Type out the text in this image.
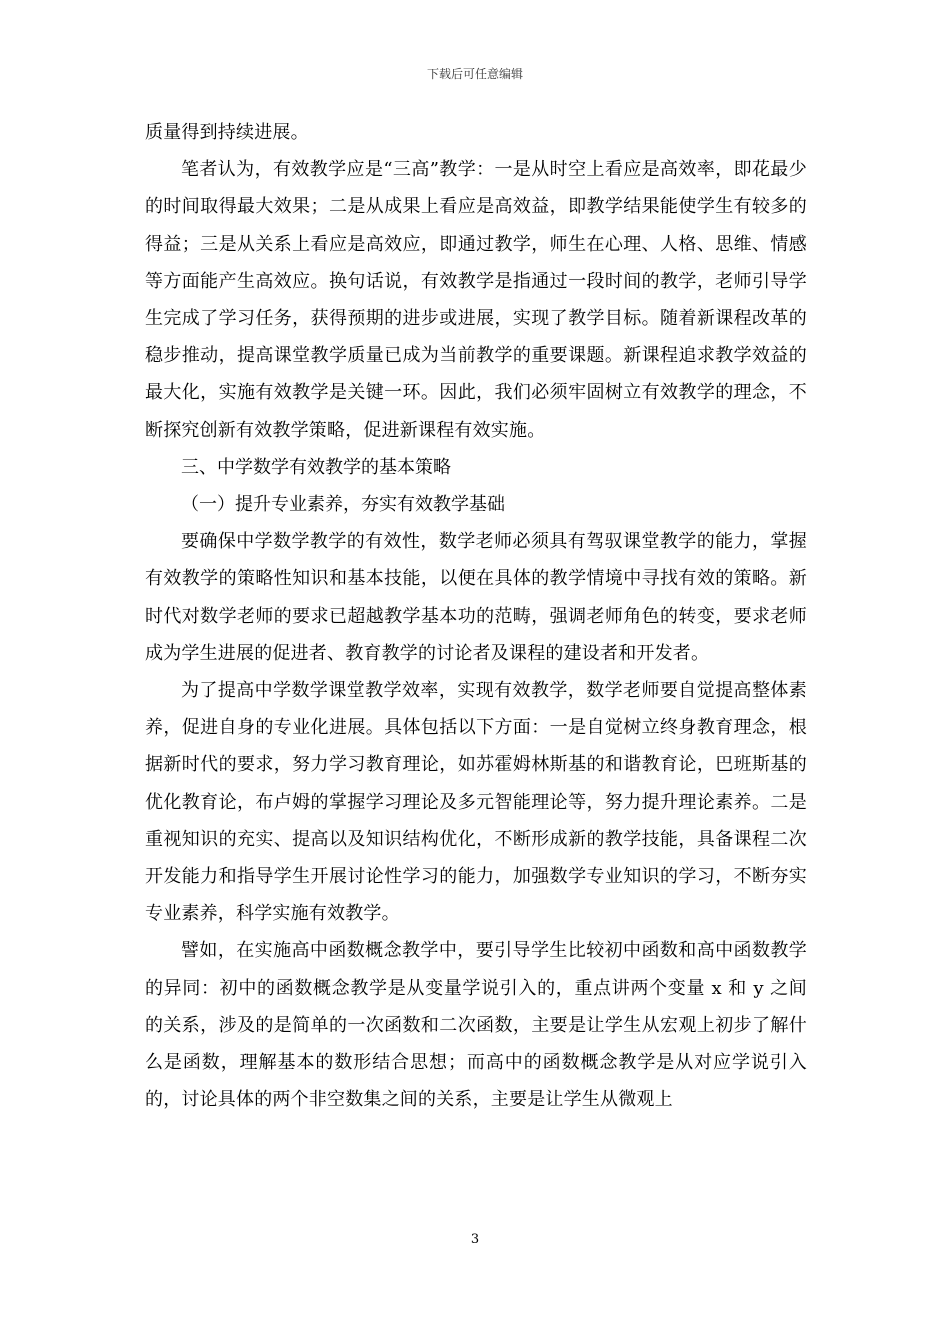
下载后可任意编辑

质量得到持续进展。

笔者认为，有效教学应是“三高”教学：一是从时空上看应是高效率，即花最少的时间取得最大效果；二是从成果上看应是高效益，即教学结果能使学生有较多的得益；三是从关系上看应是高效应，即通过教学，师生在心理、人格、思维、情感等方面能产生高效应。换句话说，有效教学是指通过一段时间的教学，老师引导学生完成了学习任务，获得预期的进步或进展，实现了教学目标。随着新课程改革的稳步推动，提高课堂教学质量已成为当前教学的重要课题。新课程追求教学效益的最大化，实施有效教学是关键一环。因此，我们必须牢固树立有效教学的理念，不断探究创新有效教学策略，促进新课程有效实施。

三、中学数学有效教学的基本策略

（一）提升专业素养，夯实有效教学基础

要确保中学数学教学的有效性，数学老师必须具有驾驭课堂教学的能力，掌握有效教学的策略性知识和基本技能，以便在具体的教学情境中寻找有效的策略。新时代对数学老师的要求已超越教学基本功的范畴，强调老师角色的转变，要求老师成为学生进展的促进者、教育教学的讨论者及课程的建设者和开发者。

为了提高中学数学课堂教学效率，实现有效教学，数学老师要自觉提高整体素养，促进自身的专业化进展。具体包括以下方面：一是自觉树立终身教育理念，根据新时代的要求，努力学习教育理论，如苏霍姆林斯基的和谐教育论，巴班斯基的优化教育论，布卢姆的掌握学习理论及多元智能理论等，努力提升理论素养。二是重视知识的充实、提高以及知识结构优化，不断形成新的教学技能，具备课程二次开发能力和指导学生开展讨论性学习的能力，加强数学专业知识的学习，不断夯实专业素养，科学实施有效教学。

譬如，在实施高中函数概念教学中，要引导学生比较初中函数和高中函数教学的异同：初中的函数概念教学是从变量学说引入的，重点讲两个变量 x 和 y 之间的关系，涉及的是简单的一次函数和二次函数，主要是让学生从宏观上初步了解什么是函数，理解基本的数形结合思想；而高中的函数概念教学是从对应学说引入的，讨论具体的两个非空数集之间的关系，主要是让学生从微观上

3
